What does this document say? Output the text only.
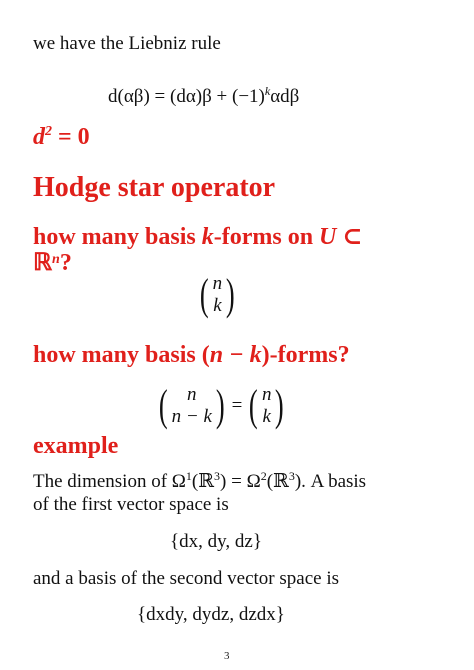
we have the Liebniz rule
$d(\alpha\beta) = (d\alpha)\beta + (-1)^k\alpha d\beta$
$d^2 = 0$
Hodge star operator
how many basis k-forms on U ⊂
ℝ$^n$?
( n
k )
how many basis (n − k)-forms?
( n
n − k ) = ( n
k )
example
The dimension of $\Omega^1(ℝ^3)$ = $\Omega^2(ℝ^3)$. A basis
of the first vector space is
{dx, dy, dz}
and a basis of the second vector space is
{dxdy, dydz, dzdx}
3
